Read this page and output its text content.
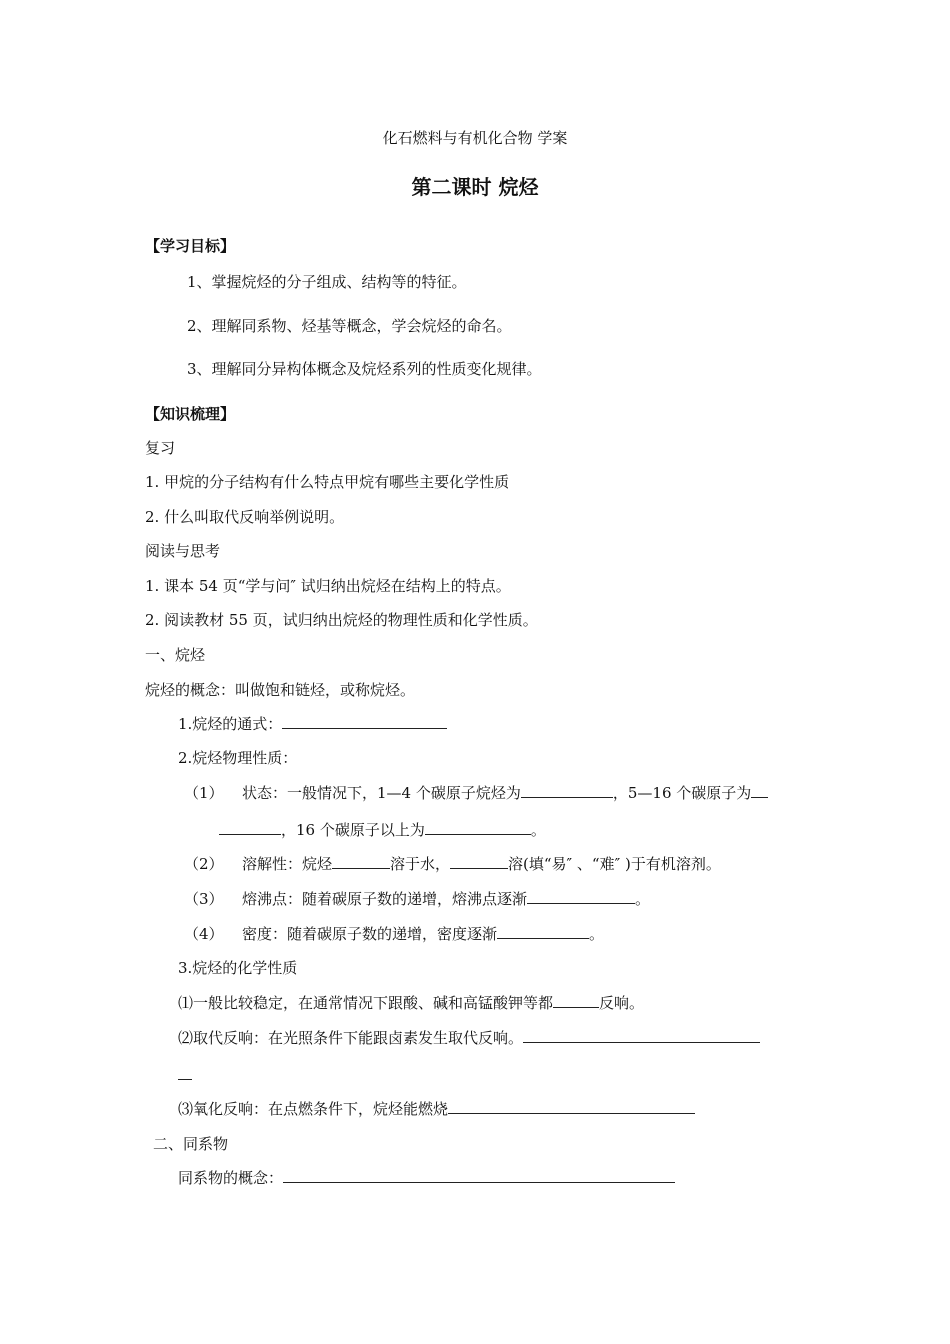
化石燃料与有机化合物 学案
第二课时 烷烃
【学习目标】
1、掌握烷烃的分子组成、结构等的特征。
2、理解同系物、烃基等概念，学会烷烃的命名。
3、理解同分异构体概念及烷烃系列的性质变化规律。
【知识梳理】
复习
1. 甲烷的分子结构有什么特点甲烷有哪些主要化学性质
2. 什么叫取代反响举例说明。
阅读与思考
1. 课本 54 页“学与问″ 试归纳出烷烃在结构上的特点。
2. 阅读教材 55 页，试归纳出烷烃的物理性质和化学性质。
一、烷烃
烷烃的概念：叫做饱和链烃，或称烷烃。
1.烷烃的通式：
2.烷烃物理性质：
（1） 状态：一般情况下，1—4 个碳原子烷烃为	，5—16 个碳原子为
，16 个碳原子以上为	。
（2） 溶解性：烷烃	溶于水，	溶(填“易″ 、“难″ )于有机溶剂。
（3） 熔沸点：随着碳原子数的递增，熔沸点逐渐	。
（4） 密度：随着碳原子数的递增，密度逐渐	。
3.烷烃的化学性质
⑴一般比较稳定，在通常情况下跟酸、碱和高锰酸钾等都	反响。
⑵取代反响：在光照条件下能跟卤素发生取代反响。
⑶氧化反响：在点燃条件下，烷烃能燃烧
二、同系物
同系物的概念：
